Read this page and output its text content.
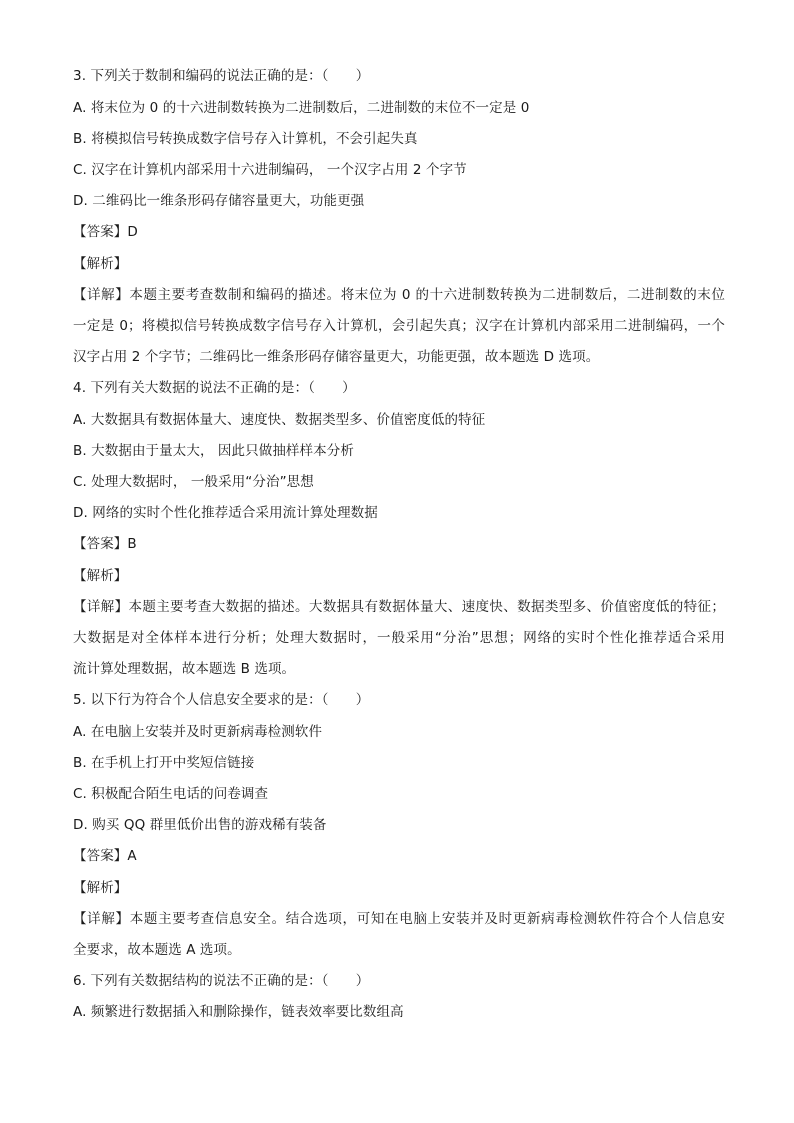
3. 下列关于数制和编码的说法正确的是：（　　）
A. 将末位为 0 的十六进制数转换为二进制数后，二进制数的末位不一定是 0
B. 将模拟信号转换成数字信号存入计算机，不会引起失真
C. 汉字在计算机内部采用十六进制编码， 一个汉字占用 2 个字节
D. 二维码比一维条形码存储容量更大，功能更强
【答案】D
【解析】
【详解】本题主要考查数制和编码的描述。将末位为 0 的十六进制数转换为二进制数后，二进制数的末位
一定是 0；将模拟信号转换成数字信号存入计算机，会引起失真；汉字在计算机内部采用二进制编码，一个
汉字占用 2 个字节；二维码比一维条形码存储容量更大，功能更强，故本题选 D 选项。
4. 下列有关大数据的说法不正确的是：（　　）
A. 大数据具有数据体量大、速度快、数据类型多、价值密度低的特征
B. 大数据由于量太大， 因此只做抽样样本分析
C. 处理大数据时， 一般采用“分治”思想
D. 网络的实时个性化推荐适合采用流计算处理数据
【答案】B
【解析】
【详解】本题主要考查大数据的描述。大数据具有数据体量大、速度快、数据类型多、价值密度低的特征；
大数据是对全体样本进行分析；处理大数据时，一般采用“分治”思想；网络的实时个性化推荐适合采用
流计算处理数据，故本题选 B 选项。
5. 以下行为符合个人信息安全要求的是：（　　）
A. 在电脑上安装并及时更新病毒检测软件
B. 在手机上打开中奖短信链接
C. 积极配合陌生电话的问卷调查
D. 购买 QQ 群里低价出售的游戏稀有装备
【答案】A
【解析】
【详解】本题主要考查信息安全。结合选项，可知在电脑上安装并及时更新病毒检测软件符合个人信息安
全要求，故本题选 A 选项。
6. 下列有关数据结构的说法不正确的是：（　　）
A. 频繁进行数据插入和删除操作，链表效率要比数组高
